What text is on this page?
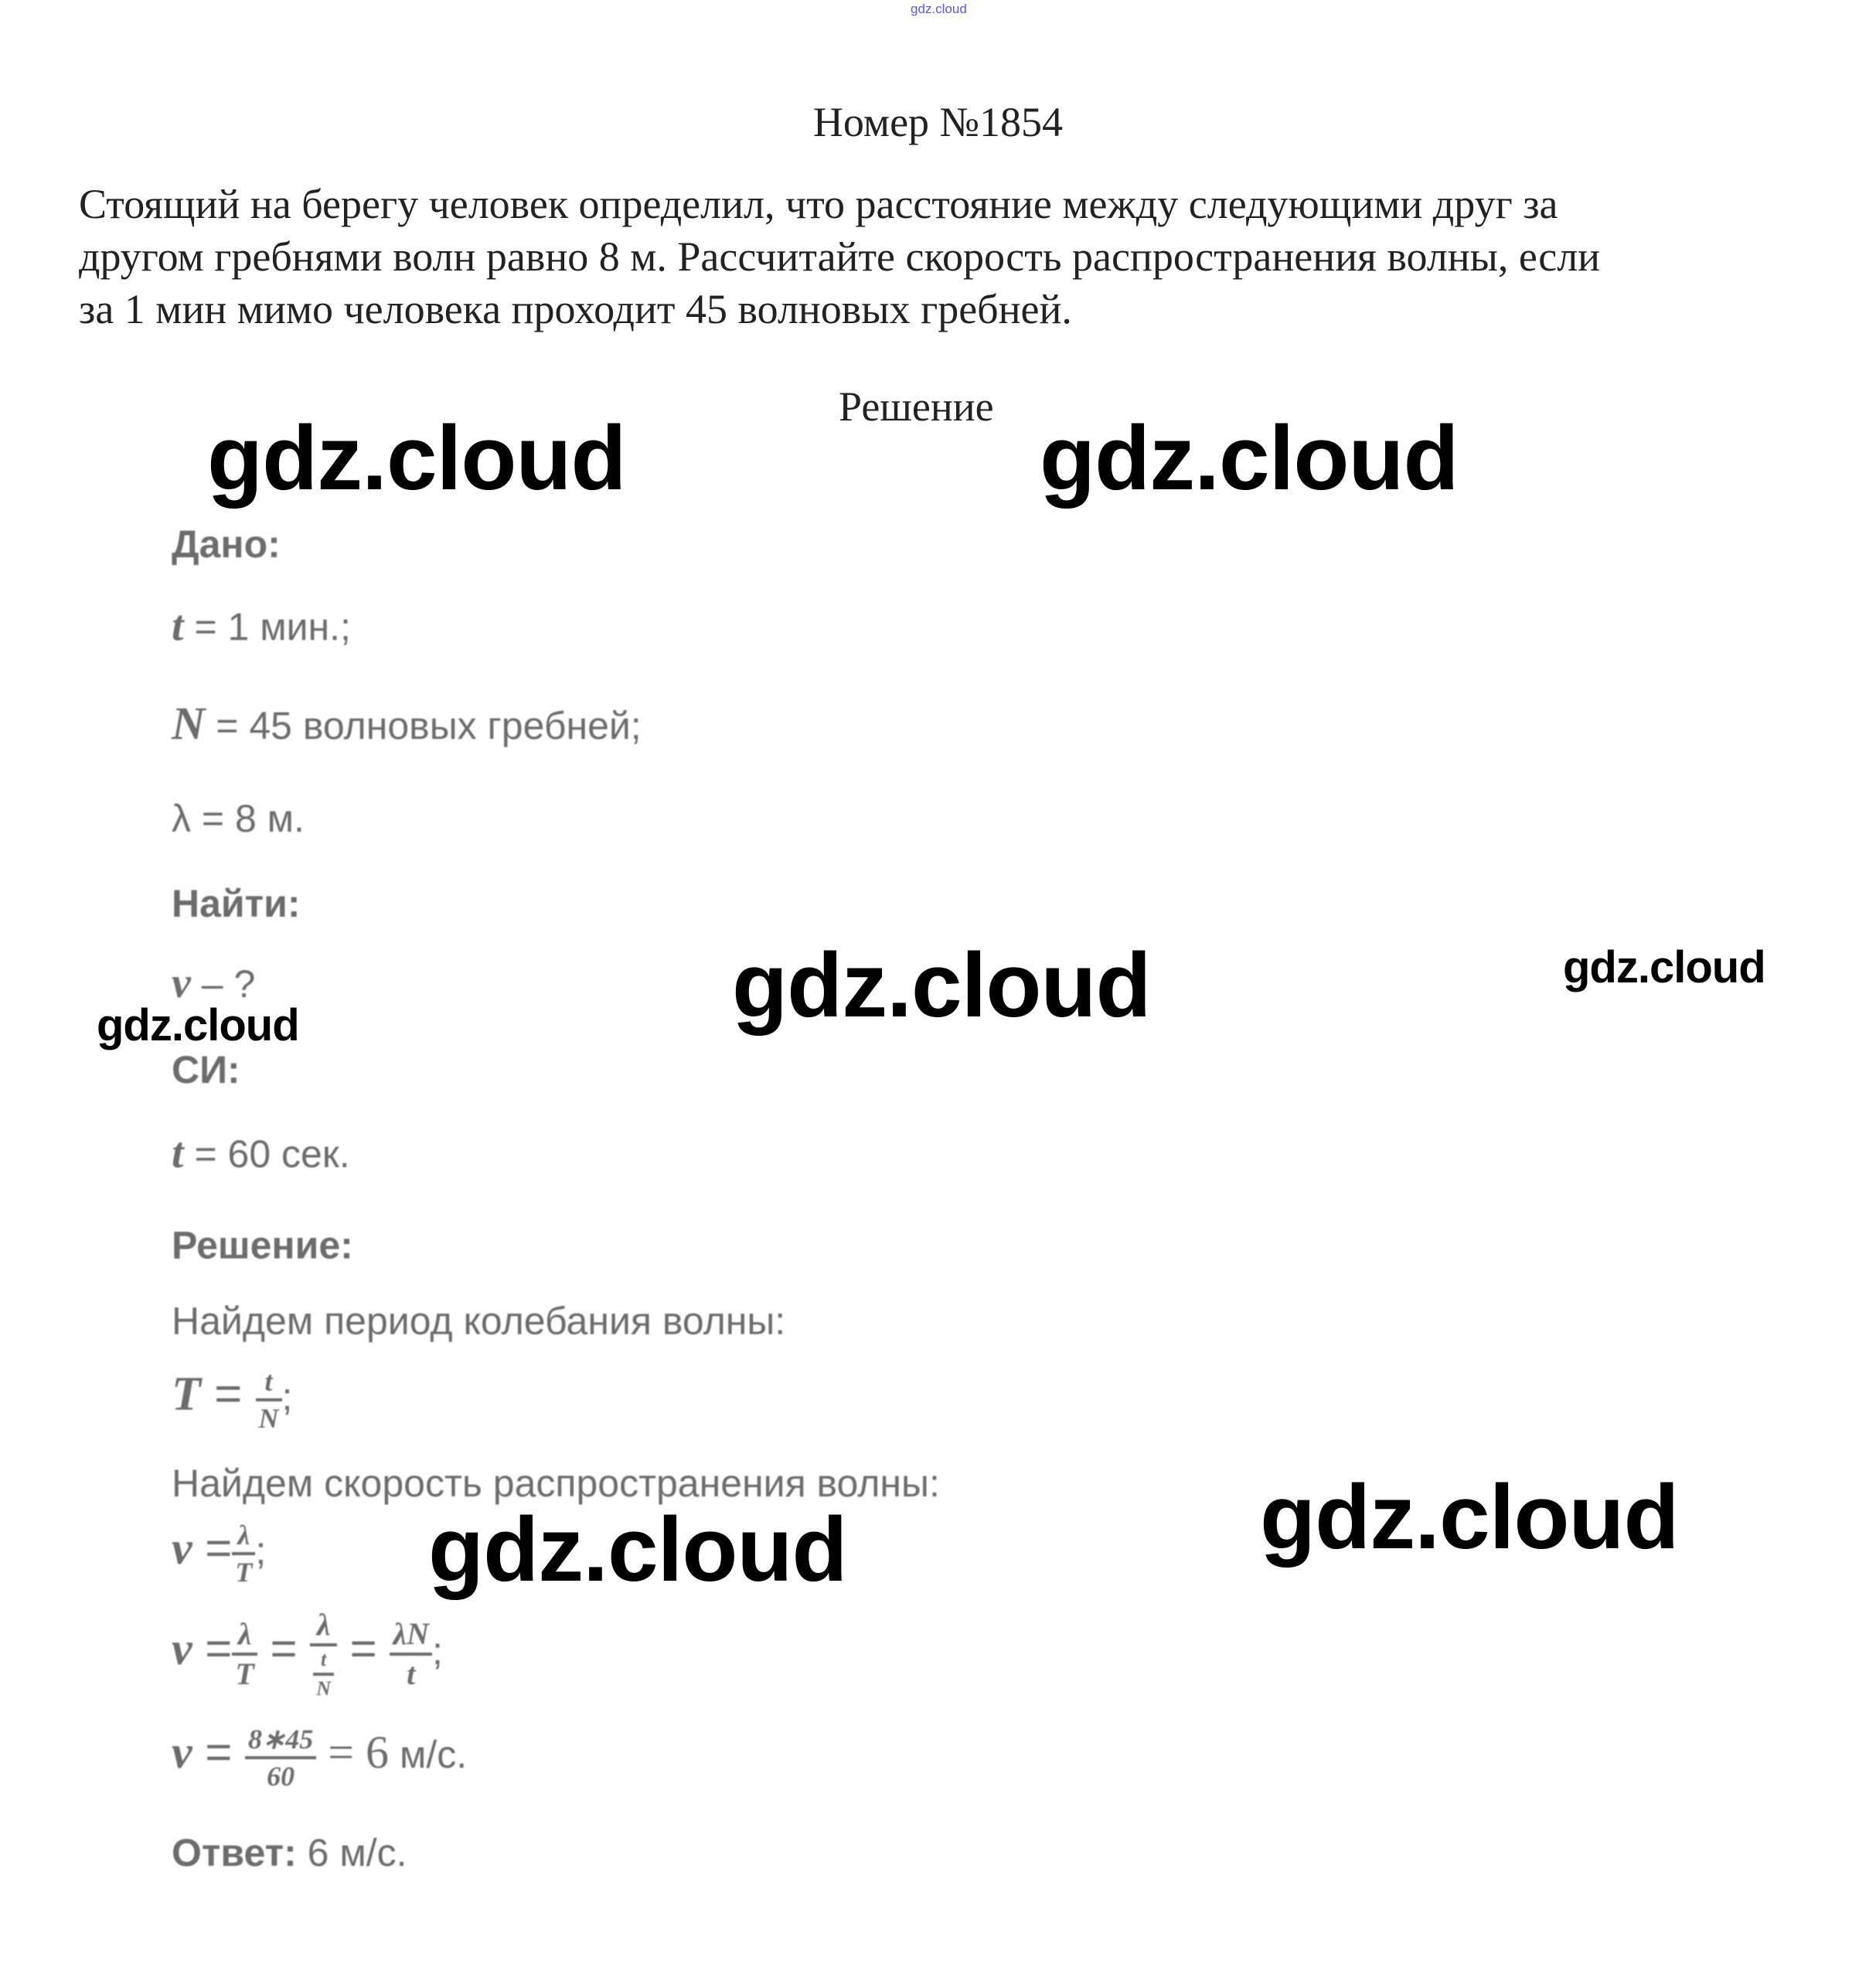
gdz.cloud
Номер №1854
Стоящий на берегу человек определил, что расстояние между следующими друг за
другом гребнями волн равно 8 м. Рассчитайте скорость распространения волны, если
за 1 мин мимо человека проходит 45 волновых гребней.
Решение
Дано:
t = 1 мин.;
N = 45 волновых гребней;
λ = 8 м.
Найти:
v – ?
СИ:
t = 60 сек.
Решение:
Найдем период колебания волны:
$T = \frac{t}{N}$ ;
Найдем скорость распространения волны:
$v = \frac{\lambda}{T}$ ;
$v = \frac{\lambda}{T} = \frac{\lambda}{\frac{t}{N}} = \frac{\lambda N}{t}$ ;
$v = \frac{8∗45}{60} = 6$ м/с.
Ответ: 6 м/с.
gdz.cloud	gdz.cloud
gdz.cloud	gdz.cloud
gdz.cloud
gdz.cloud
gdz.cloud
